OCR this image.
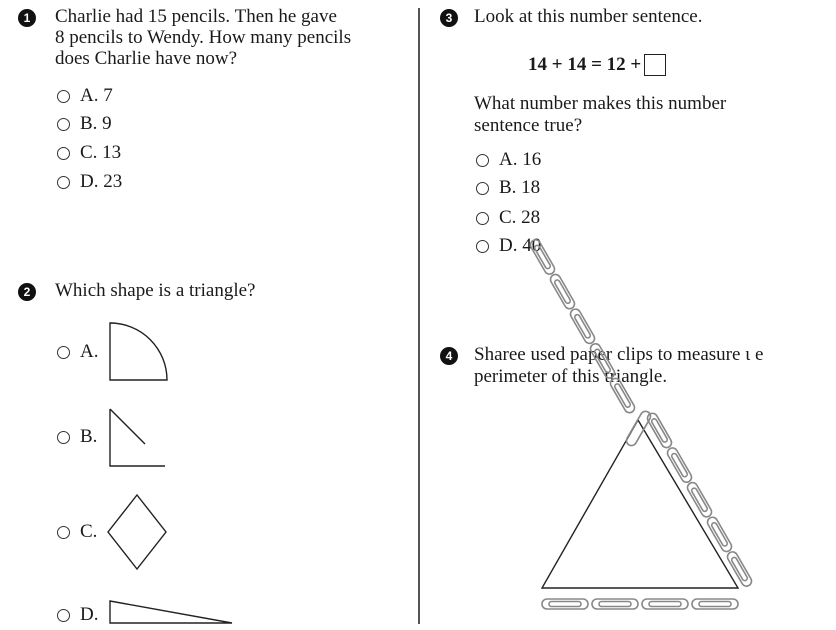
1 Charlie had 15 pencils. Then he gave
8 pencils to Wendy. How many pencils
does Charlie have now?
A. 7
B. 9
C. 13
D. 23
2 Which shape is a triangle?
A.
B.
C.
D.
3 Look at this number sentence.
14 + 14 = 12 +
What number makes this number
sentence true?
A. 16
B. 18
C. 28
D. 40
4 Sharee used paper clips to measure ι e
perimeter of this triangle.
